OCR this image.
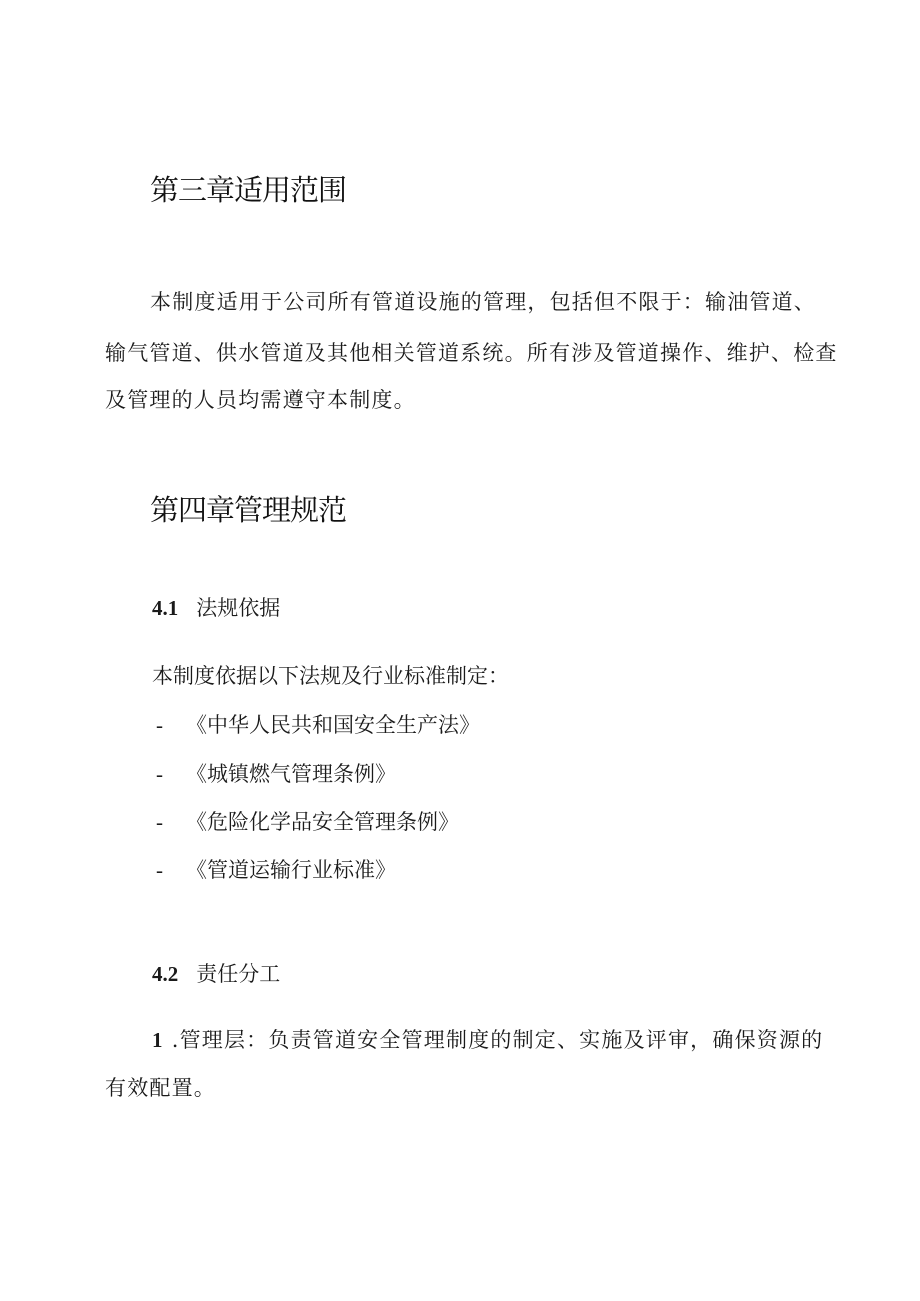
第三章适用范围
本制度适用于公司所有管道设施的管理，包括但不限于：输油管道、
输气管道、供水管道及其他相关管道系统。所有涉及管道操作、维护、检查
及管理的人员均需遵守本制度。
第四章管理规范
4.1 法规依据
本制度依据以下法规及行业标准制定：
- 《中华人民共和国安全生产法》
- 《城镇燃气管理条例》
- 《危险化学品安全管理条例》
- 《管道运输行业标准》
4.2 责任分工
1 .管理层：负责管道安全管理制度的制定、实施及评审，确保资源的
有效配置。
